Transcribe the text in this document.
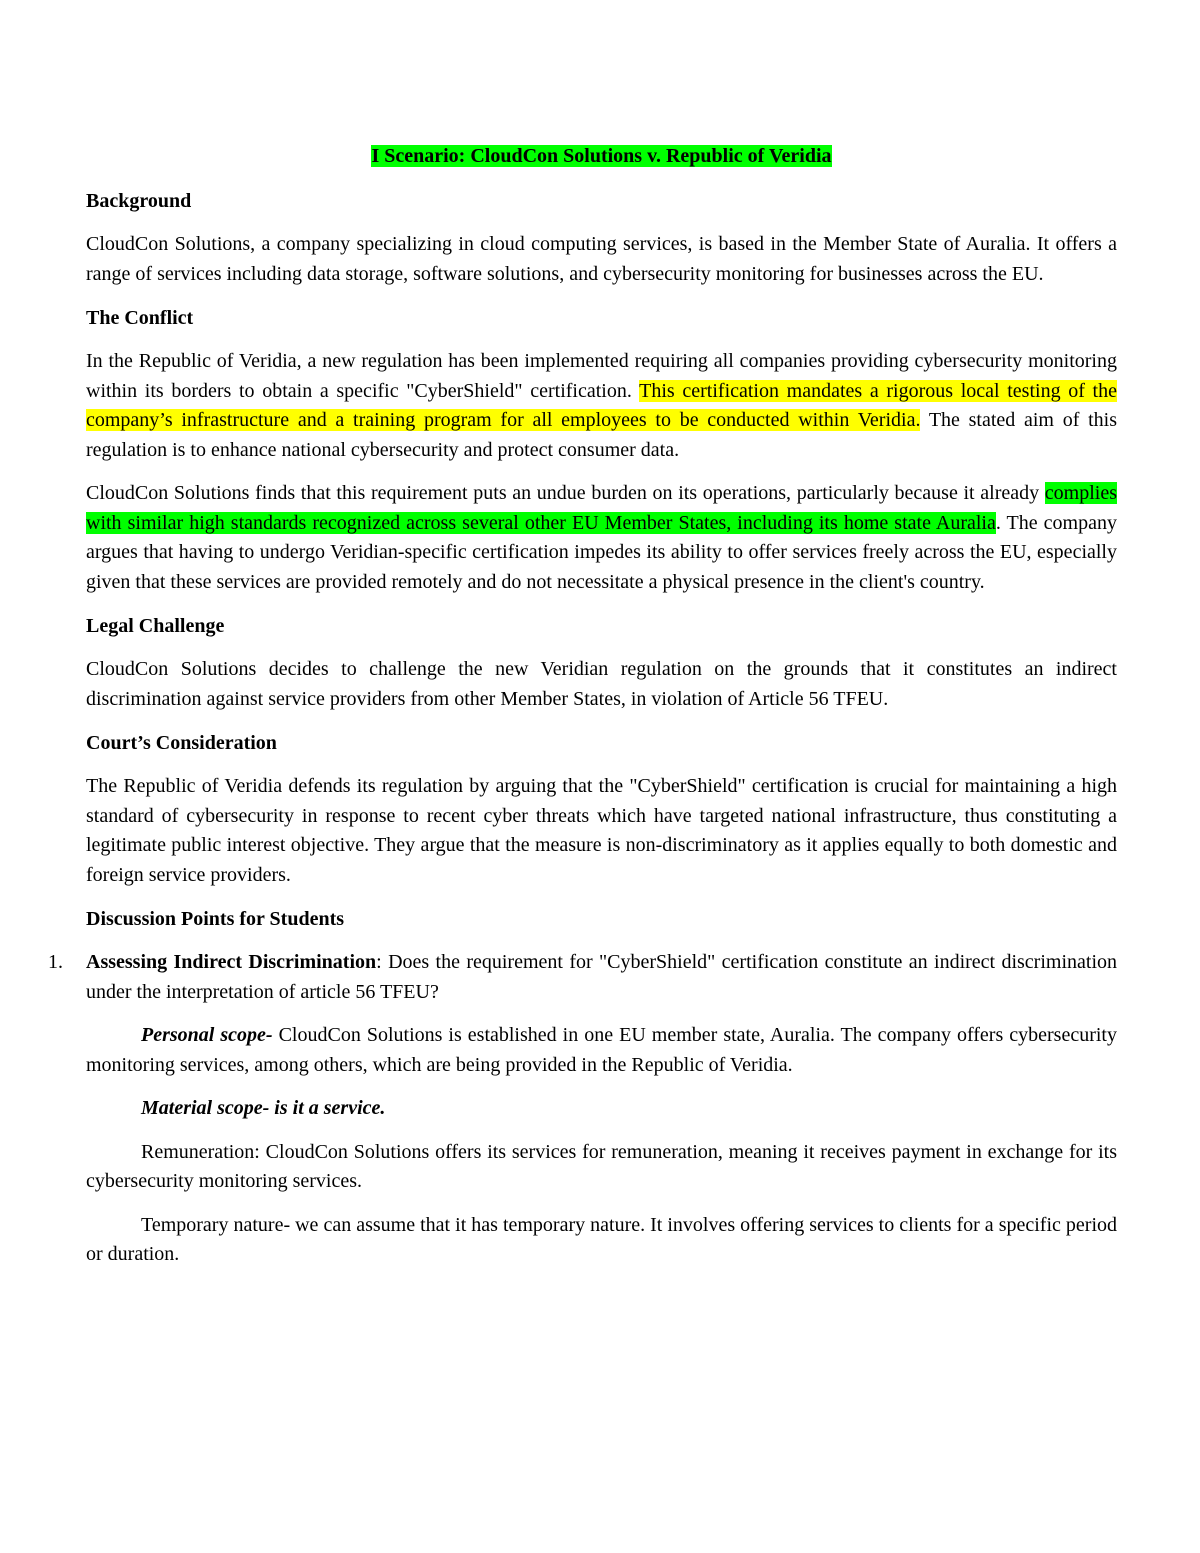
I Scenario: CloudCon Solutions v. Republic of Veridia
Background

CloudCon Solutions, a company specializing in cloud computing services, is based in the Member State of Auralia. It offers a range of services including data storage, software solutions, and cybersecurity monitoring for businesses across the EU.

The Conflict

In the Republic of Veridia, a new regulation has been implemented requiring all companies providing cybersecurity monitoring within its borders to obtain a specific "CyberShield" certification. This certification mandates a rigorous local testing of the company’s infrastructure and a training program for all employees to be conducted within Veridia. The stated aim of this regulation is to enhance national cybersecurity and protect consumer data.

CloudCon Solutions finds that this requirement puts an undue burden on its operations, particularly because it already complies with similar high standards recognized across several other EU Member States, including its home state Auralia. The company argues that having to undergo Veridian-specific certification impedes its ability to offer services freely across the EU, especially given that these services are provided remotely and do not necessitate a physical presence in the client's country.

Legal Challenge

CloudCon Solutions decides to challenge the new Veridian regulation on the grounds that it constitutes an indirect discrimination against service providers from other Member States, in violation of Article 56 TFEU.

Court’s Consideration

The Republic of Veridia defends its regulation by arguing that the "CyberShield" certification is crucial for maintaining a high standard of cybersecurity in response to recent cyber threats which have targeted national infrastructure, thus constituting a legitimate public interest objective. They argue that the measure is non-discriminatory as it applies equally to both domestic and foreign service providers.

Discussion Points for Students

1. Assessing Indirect Discrimination: Does the requirement for "CyberShield" certification constitute an indirect discrimination under the interpretation of article 56 TFEU?

Personal scope- CloudCon Solutions is established in one EU member state, Auralia. The company offers cybersecurity monitoring services, among others, which are being provided in the Republic of Veridia.

Material scope- is it a service.

Remuneration: CloudCon Solutions offers its services for remuneration, meaning it receives payment in exchange for its cybersecurity monitoring services.

Temporary nature- we can assume that it has temporary nature. It involves offering services to clients for a specific period or duration.
